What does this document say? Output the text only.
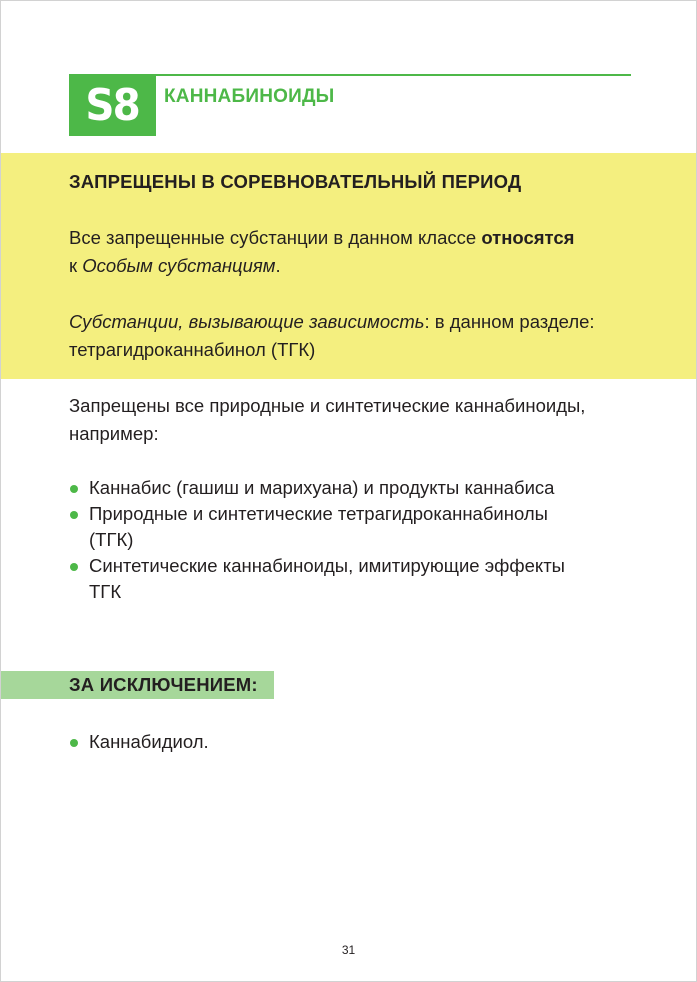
S8 КАННАБИНОИДЫ
ЗАПРЕЩЕНЫ В СОРЕВНОВАТЕЛЬНЫЙ ПЕРИОД
Все запрещенные субстанции в данном классе относятся
к Особым субстанциям.
Субстанции, вызывающие зависимость: в данном разделе:
тетрагидроканнабинол (ТГК)
Запрещены все природные и синтетические каннабиноиды,
например:
Каннабис (гашиш и марихуана) и продукты каннабиса
Природные и синтетические тетрагидроканнабинолы
(ТГК)
Синтетические каннабиноиды, имитирующие эффекты
ТГК
ЗА ИСКЛЮЧЕНИЕМ:
Каннабидиол.
31
